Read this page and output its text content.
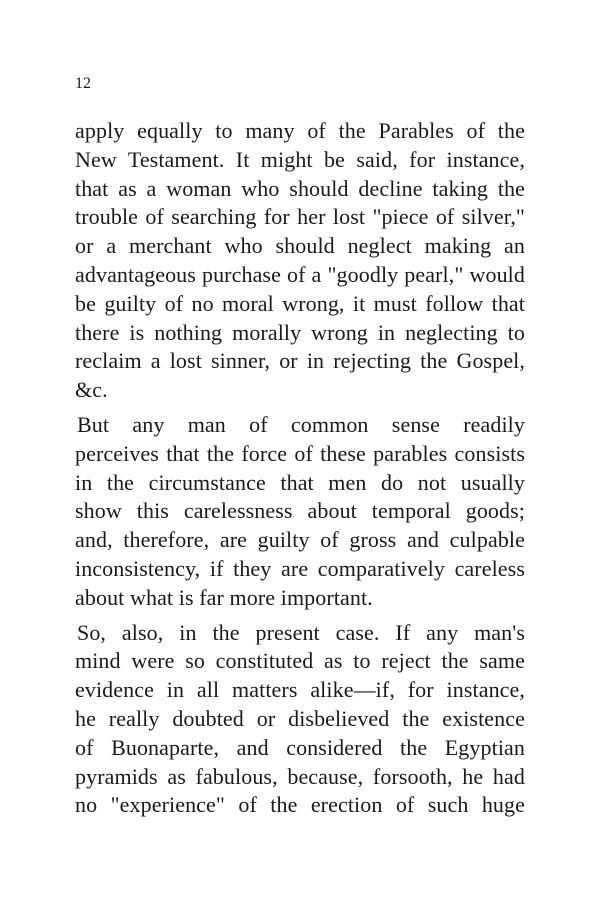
12
apply equally to many of the Parables of the
New Testament. It might be said, for instance,
that as a woman who should decline taking the
trouble of searching for her lost "piece of silver,"
or a merchant who should neglect making an
advantageous purchase of a "goodly pearl," would
be guilty of no moral wrong, it must follow that
there is nothing morally wrong in neglecting to
reclaim a lost sinner, or in rejecting the Gospel,
&c.
But any man of common sense readily
perceives that the force of these parables consists
in the circumstance that men do not usually
show this carelessness about temporal goods;
and, therefore, are guilty of gross and culpable
inconsistency, if they are comparatively careless
about what is far more important.
So, also, in the present case. If any man's
mind were so constituted as to reject the same
evidence in all matters alike—if, for instance,
he really doubted or disbelieved the existence
of Buonaparte, and considered the Egyptian
pyramids as fabulous, because, forsooth, he had
no "experience" of the erection of such huge
